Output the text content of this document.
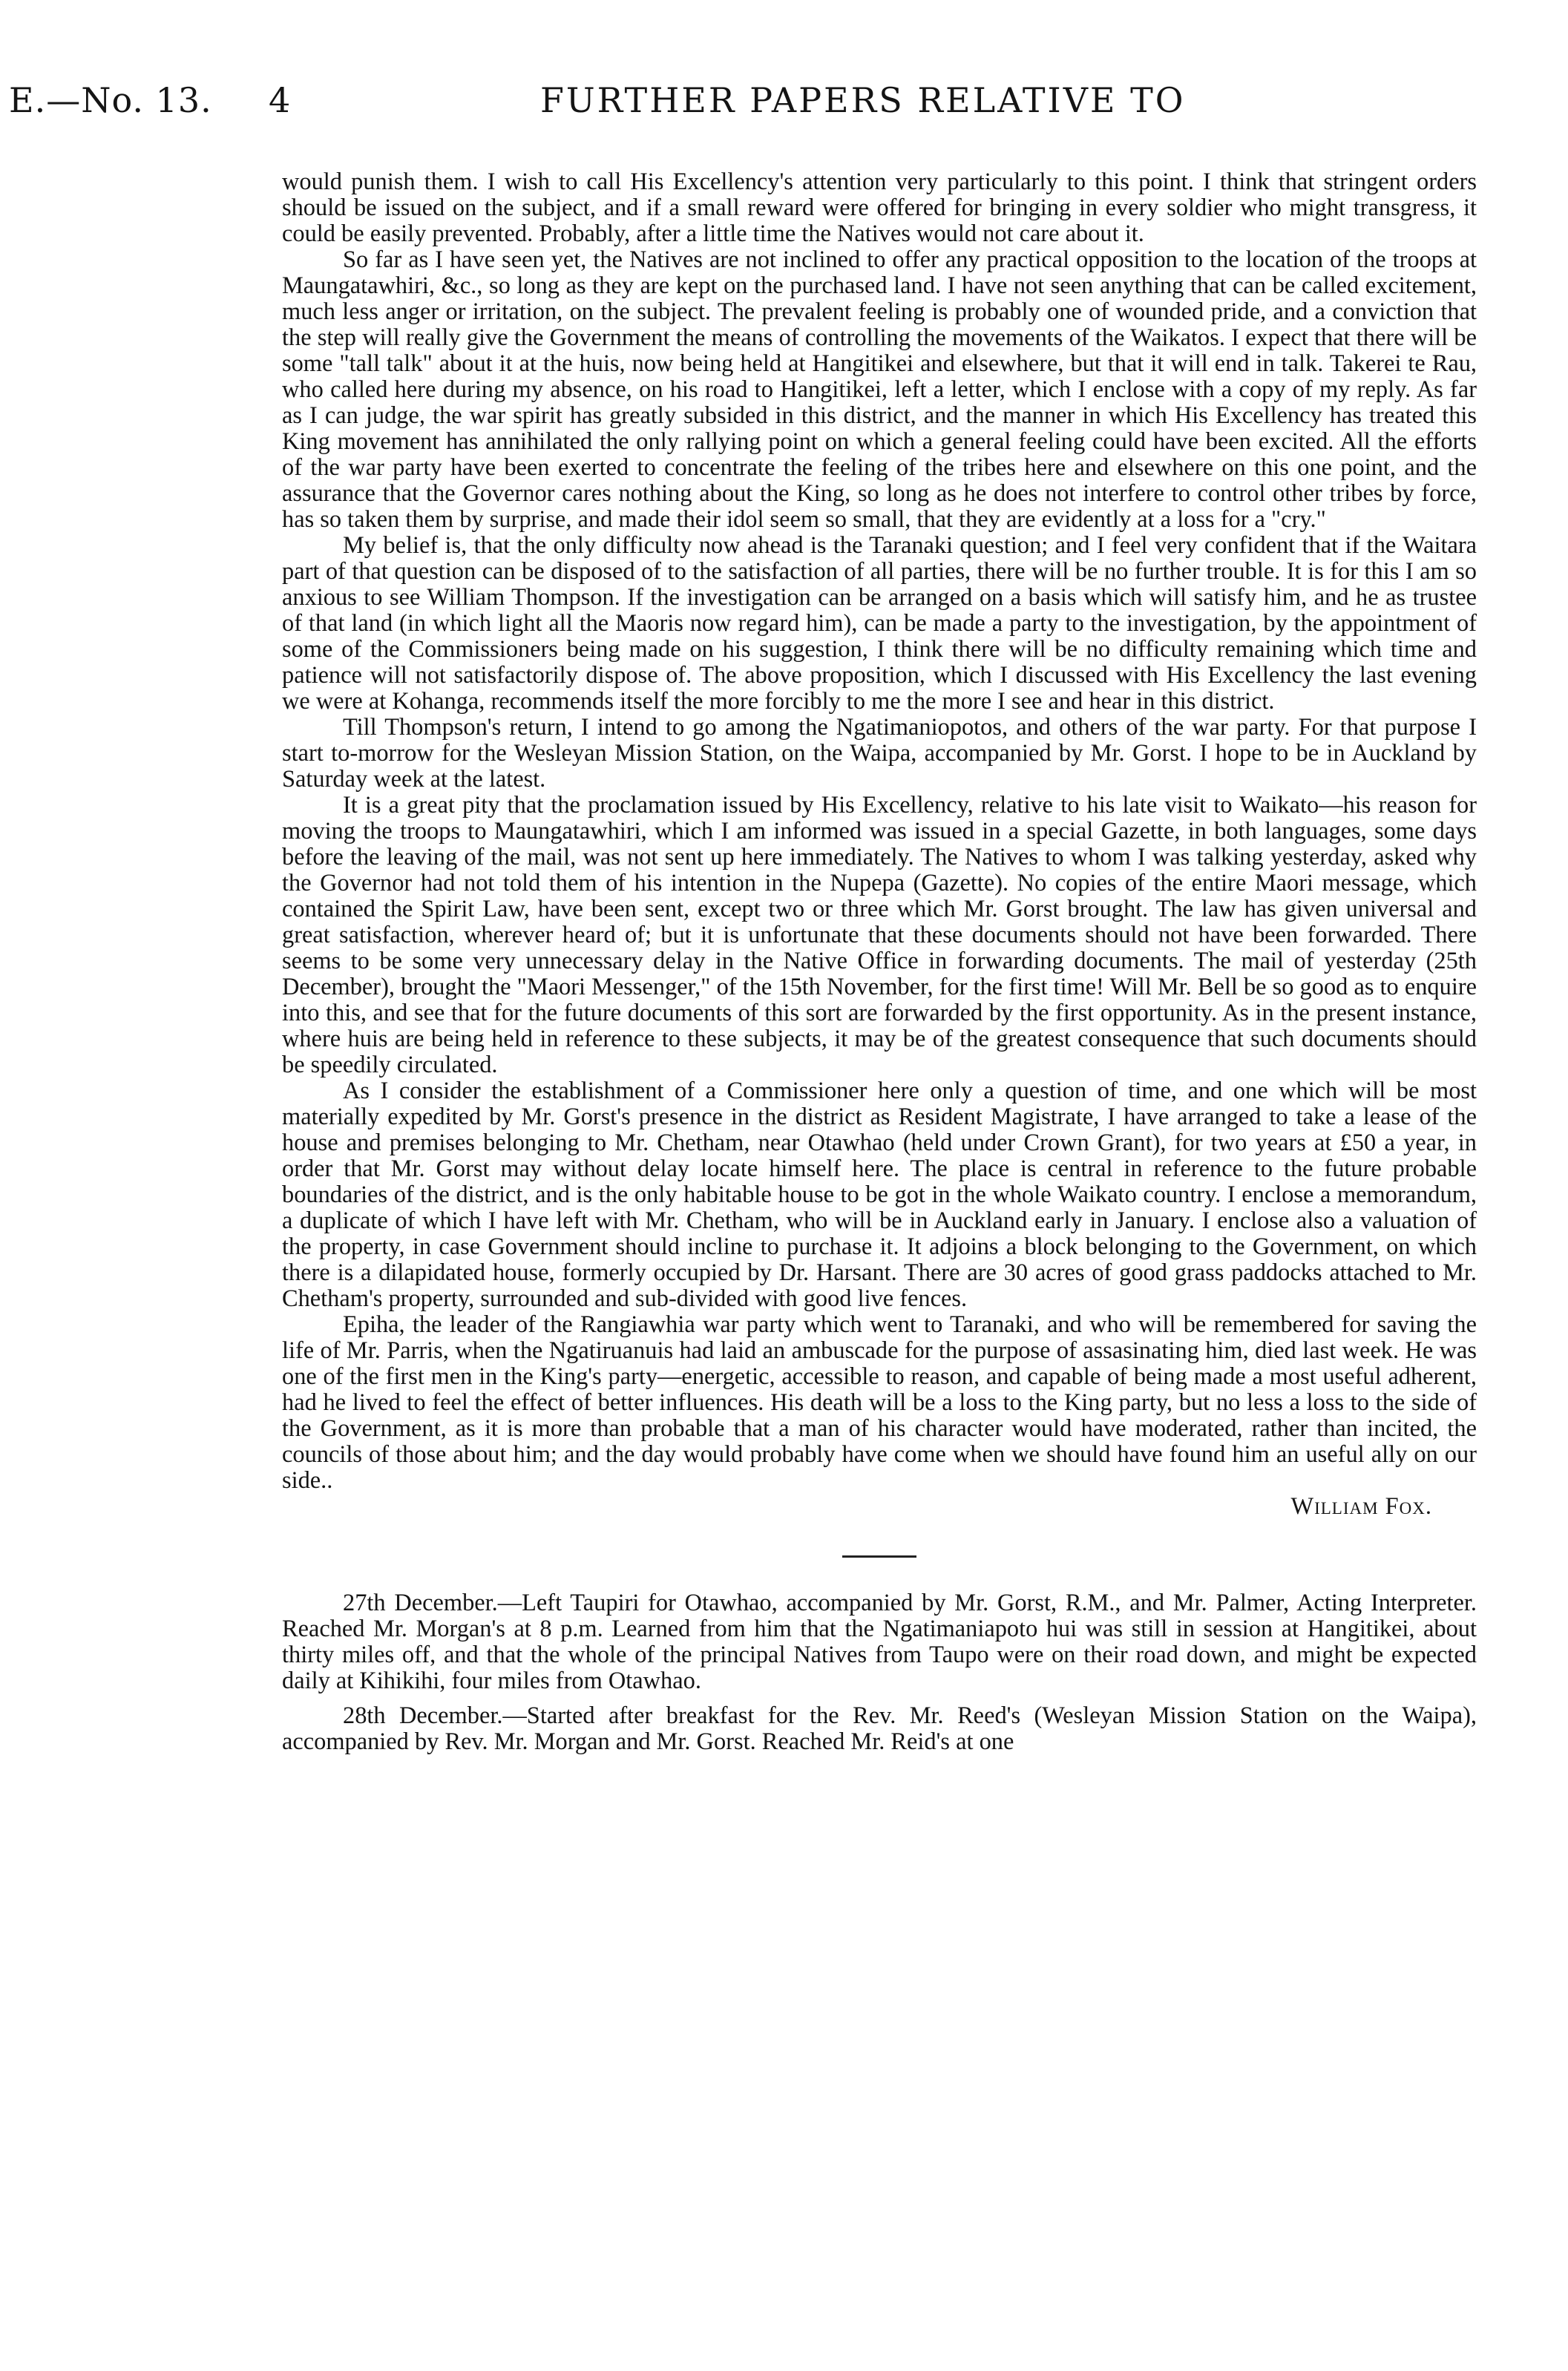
E.—No. 13. 4	FURTHER PAPERS RELATIVE TO

would punish them. I wish to call His Excellency's attention very particularly to this point. I think that stringent orders should be issued on the subject, and if a small reward were offered for bringing in every soldier who might transgress, it could be easily prevented. Probably, after a little time the Natives would not care about it.

So far as I have seen yet, the Natives are not inclined to offer any practical opposition to the location of the troops at Maungatawhiri, &c., so long as they are kept on the purchased land. I have not seen anything that can be called excitement, much less anger or irritation, on the subject. The prevalent feeling is probably one of wounded pride, and a conviction that the step will really give the Government the means of controlling the movements of the Waikatos. I expect that there will be some "tall talk" about it at the huis, now being held at Hangitikei and elsewhere, but that it will end in talk. Takerei te Rau, who called here during my absence, on his road to Hangitikei, left a letter, which I enclose with a copy of my reply. As far as I can judge, the war spirit has greatly subsided in this district, and the manner in which His Excellency has treated this King movement has annihilated the only rallying point on which a general feeling could have been excited. All the efforts of the war party have been exerted to concentrate the feeling of the tribes here and elsewhere on this one point, and the assurance that the Governor cares nothing about the King, so long as he does not interfere to control other tribes by force, has so taken them by surprise, and made their idol seem so small, that they are evidently at a loss for a "cry."

My belief is, that the only difficulty now ahead is the Taranaki question; and I feel very confident that if the Waitara part of that question can be disposed of to the satisfaction of all parties, there will be no further trouble. It is for this I am so anxious to see William Thompson. If the investigation can be arranged on a basis which will satisfy him, and he as trustee of that land (in which light all the Maoris now regard him), can be made a party to the investigation, by the appointment of some of the Commissioners being made on his suggestion, I think there will be no difficulty remaining which time and patience will not satisfactorily dispose of. The above proposition, which I discussed with His Excellency the last evening we were at Kohanga, recommends itself the more forcibly to me the more I see and hear in this district.

Till Thompson's return, I intend to go among the Ngatimaniopotos, and others of the war party. For that purpose I start to-morrow for the Wesleyan Mission Station, on the Waipa, accompanied by Mr. Gorst. I hope to be in Auckland by Saturday week at the latest.

It is a great pity that the proclamation issued by His Excellency, relative to his late visit to Waikato—his reason for moving the troops to Maungatawhiri, which I am informed was issued in a special Gazette, in both languages, some days before the leaving of the mail, was not sent up here immediately. The Natives to whom I was talking yesterday, asked why the Governor had not told them of his intention in the Nupepa (Gazette). No copies of the entire Maori message, which contained the Spirit Law, have been sent, except two or three which Mr. Gorst brought. The law has given universal and great satisfaction, wherever heard of; but it is unfortunate that these documents should not have been forwarded. There seems to be some very unnecessary delay in the Native Office in forwarding documents. The mail of yesterday (25th December), brought the "Maori Messenger," of the 15th November, for the first time! Will Mr. Bell be so good as to enquire into this, and see that for the future documents of this sort are forwarded by the first opportunity. As in the present instance, where huis are being held in reference to these subjects, it may be of the greatest consequence that such documents should be speedily circulated.

As I consider the establishment of a Commissioner here only a question of time, and one which will be most materially expedited by Mr. Gorst's presence in the district as Resident Magistrate, I have arranged to take a lease of the house and premises belonging to Mr. Chetham, near Otawhao (held under Crown Grant), for two years at £50 a year, in order that Mr. Gorst may without delay locate himself here. The place is central in reference to the future probable boundaries of the district, and is the only habitable house to be got in the whole Waikato country. I enclose a memorandum, a duplicate of which I have left with Mr. Chetham, who will be in Auckland early in January. I enclose also a valuation of the property, in case Government should incline to purchase it. It adjoins a block belonging to the Government, on which there is a dilapidated house, formerly occupied by Dr. Harsant. There are 30 acres of good grass paddocks attached to Mr. Chetham's property, surrounded and sub-divided with good live fences.

Epiha, the leader of the Rangiawhia war party which went to Taranaki, and who will be remembered for saving the life of Mr. Parris, when the Ngatiruanuis had laid an ambuscade for the purpose of assasinating him, died last week. He was one of the first men in the King's party—energetic, accessible to reason, and capable of being made a most useful adherent, had he lived to feel the effect of better influences. His death will be a loss to the King party, but no less a loss to the side of the Government, as it is more than probable that a man of his character would have moderated, rather than incited, the councils of those about him; and the day would probably have come when we should have found him an useful ally on our side..

William Fox.

27th December.—Left Taupiri for Otawhao, accompanied by Mr. Gorst, R.M., and Mr. Palmer, Acting Interpreter. Reached Mr. Morgan's at 8 p.m. Learned from him that the Ngatimaniapoto hui was still in session at Hangitikei, about thirty miles off, and that the whole of the principal Natives from Taupo were on their road down, and might be expected daily at Kihikihi, four miles from Otawhao.

28th December.—Started after breakfast for the Rev. Mr. Reed's (Wesleyan Mission Station on the Waipa), accompanied by Rev. Mr. Morgan and Mr. Gorst. Reached Mr. Reid's at one
